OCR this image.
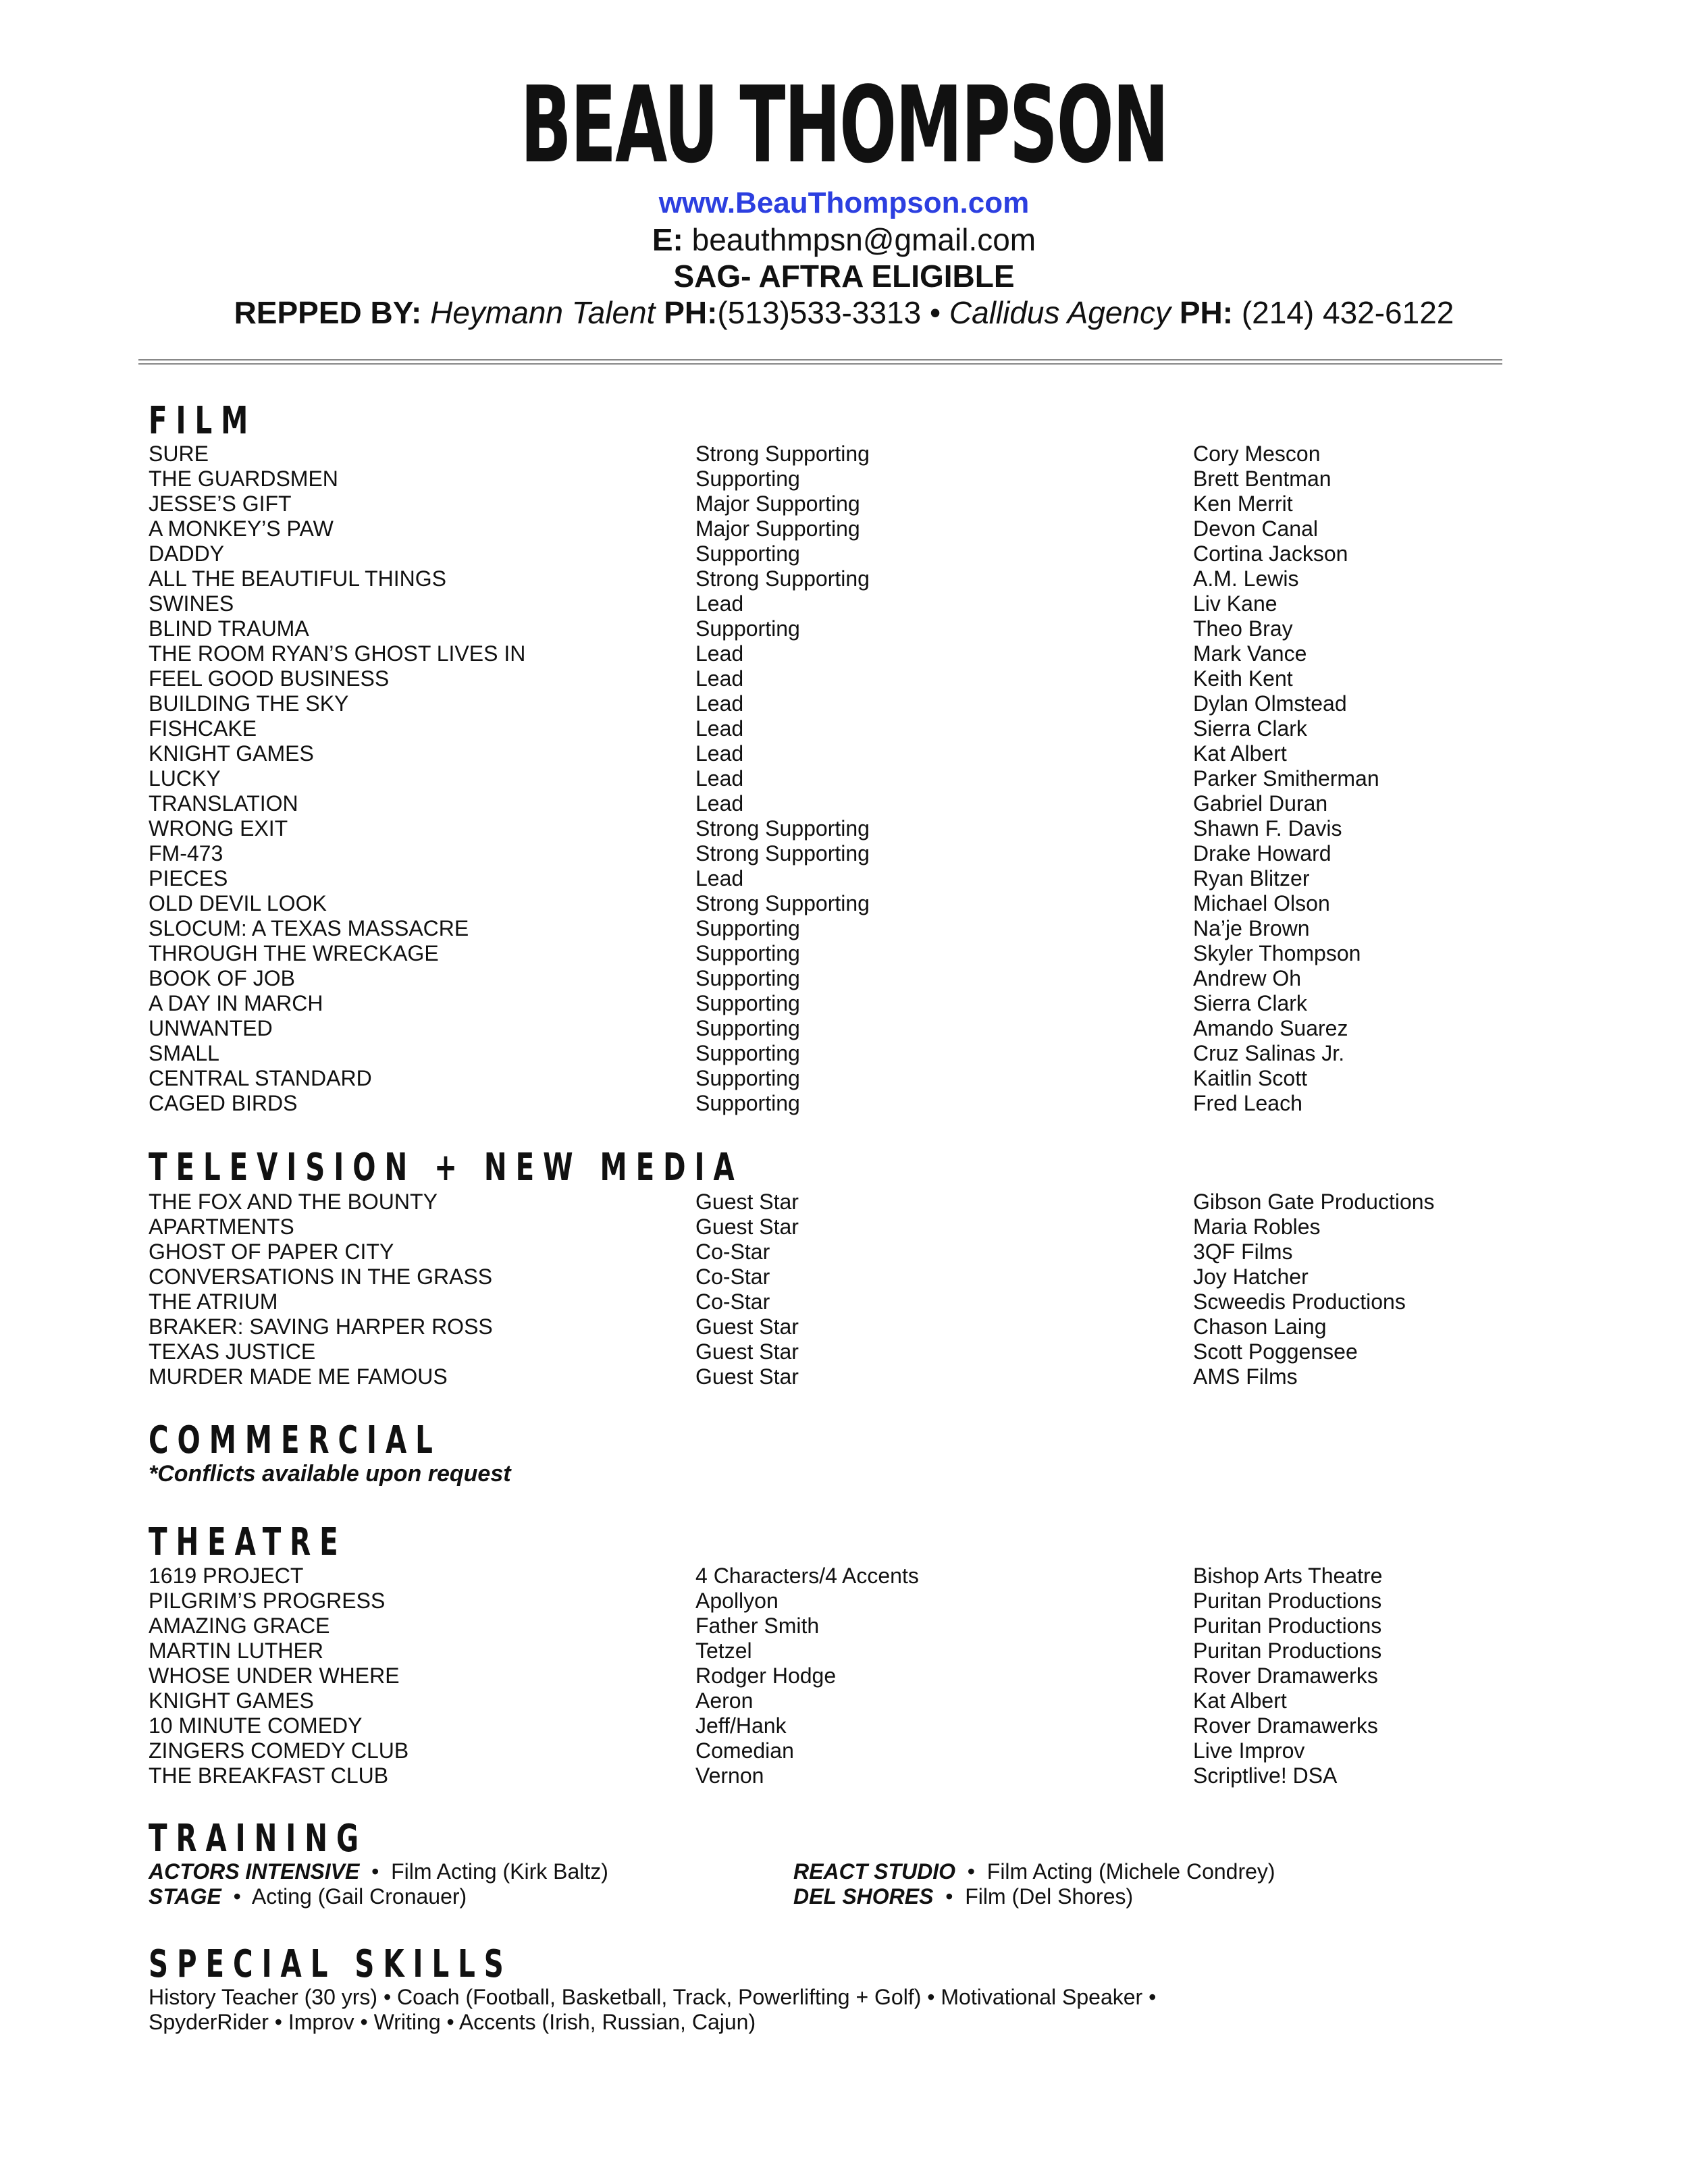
BEAU THOMPSON
www.BeauThompson.com
E: beauthmpsn@gmail.com
SAG- AFTRA ELIGIBLE
REPPED BY: Heymann Talent PH:(513)533-3313 • Callidus Agency PH: (214) 432-6122
FILM
SURE	Strong Supporting	Cory Mescon
THE GUARDSMEN	Supporting	Brett Bentman
JESSE’S GIFT	Major Supporting	Ken Merrit
A MONKEY’S PAW	Major Supporting	Devon Canal
DADDY	Supporting	Cortina Jackson
ALL THE BEAUTIFUL THINGS	Strong Supporting	A.M. Lewis
SWINES	Lead	Liv Kane
BLIND TRAUMA	Supporting	Theo Bray
THE ROOM RYAN’S GHOST LIVES IN	Lead	Mark Vance
FEEL GOOD BUSINESS	Lead	Keith Kent
BUILDING THE SKY	Lead	Dylan Olmstead
FISHCAKE	Lead	Sierra Clark
KNIGHT GAMES	Lead	Kat Albert
LUCKY	Lead	Parker Smitherman
TRANSLATION	Lead	Gabriel Duran
WRONG EXIT	Strong Supporting	Shawn F. Davis
FM-473	Strong Supporting	Drake Howard
PIECES	Lead	Ryan Blitzer
OLD DEVIL LOOK	Strong Supporting	Michael Olson
SLOCUM: A TEXAS MASSACRE	Supporting	Na’je Brown
THROUGH THE WRECKAGE	Supporting	Skyler Thompson
BOOK OF JOB	Supporting	Andrew Oh
A DAY IN MARCH	Supporting	Sierra Clark
UNWANTED	Supporting	Amando Suarez
SMALL	Supporting	Cruz Salinas Jr.
CENTRAL STANDARD	Supporting	Kaitlin Scott
CAGED BIRDS	Supporting	Fred Leach
TELEVISION + NEW MEDIA
THE FOX AND THE BOUNTY	Guest Star	Gibson Gate Productions
APARTMENTS	Guest Star	Maria Robles
GHOST OF PAPER CITY	Co-Star	3QF Films
CONVERSATIONS IN THE GRASS	Co-Star	Joy Hatcher
THE ATRIUM	Co-Star	Scweedis Productions
BRAKER: SAVING HARPER ROSS	Guest Star	Chason Laing
TEXAS JUSTICE	Guest Star	Scott Poggensee
MURDER MADE ME FAMOUS	Guest Star	AMS Films
COMMERCIAL
*Conflicts available upon request
THEATRE
1619 PROJECT	4 Characters/4 Accents	Bishop Arts Theatre
PILGRIM’S PROGRESS	Apollyon	Puritan Productions
AMAZING GRACE	Father Smith	Puritan Productions
MARTIN LUTHER	Tetzel	Puritan Productions
WHOSE UNDER WHERE	Rodger Hodge	Rover Dramawerks
KNIGHT GAMES	Aeron	Kat Albert
10 MINUTE COMEDY	Jeff/Hank	Rover Dramawerks
ZINGERS COMEDY CLUB	Comedian	Live Improv
THE BREAKFAST CLUB	Vernon	Scriptlive! DSA
TRAINING
ACTORS INTENSIVE  •  Film Acting (Kirk Baltz)	REACT STUDIO  •  Film Acting (Michele Condrey)
STAGE  •  Acting (Gail Cronauer)	DEL SHORES  •  Film (Del Shores)
SPECIAL SKILLS
History Teacher (30 yrs) • Coach (Football, Basketball, Track, Powerlifting + Golf) • Motivational Speaker •
SpyderRider • Improv • Writing • Accents (Irish, Russian, Cajun)
